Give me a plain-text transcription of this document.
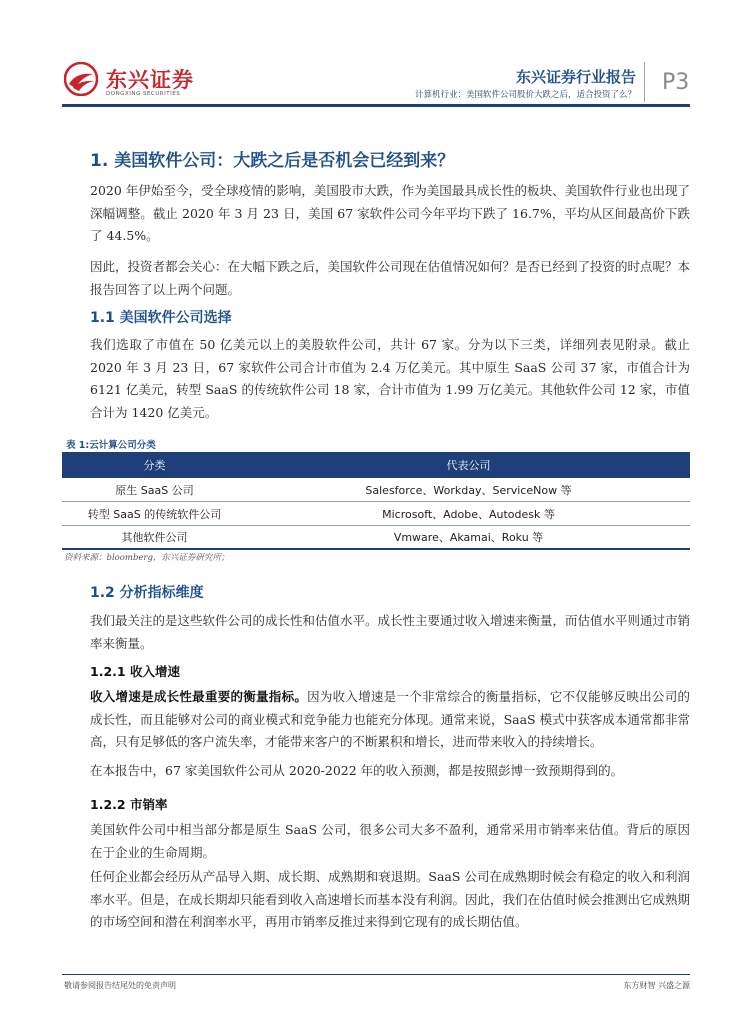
东兴证券
DONGXING SECURITIES
东兴证券行业报告
计算机行业：美国软件公司股价大跌之后，适合投资了么？ P3
1. 美国软件公司：大跌之后是否机会已经到来？

2020 年伊始至今，受全球疫情的影响，美国股市大跌，作为美国最具成长性的板块、美国软件行业也出现了深幅调整。截止 2020 年 3 月 23 日，美国 67 家软件公司今年平均下跌了 16.7%，平均从区间最高价下跌了 44.5%。

因此，投资者都会关心：在大幅下跌之后，美国软件公司现在估值情况如何？是否已经到了投资的时点呢？本报告回答了以上两个问题。

1.1 美国软件公司选择

我们选取了市值在 50 亿美元以上的美股软件公司，共计 67 家。分为以下三类，详细列表见附录。截止 2020 年 3 月 23 日，67 家软件公司合计市值为 2.4 万亿美元。其中原生 SaaS 公司 37 家，市值合计为 6121 亿美元，转型 SaaS 的传统软件公司 18 家，合计市值为 1.99 万亿美元。其他软件公司 12 家，市值合计为 1420 亿美元。

表 1:云计算公司分类
分类	代表公司
原生 SaaS 公司	Salesforce、Workday、ServiceNow 等
转型 SaaS 的传统软件公司	Microsoft、Adobe、Autodesk 等
其他软件公司	Vmware、Akamai、Roku 等
资料来源：bloomberg，东兴证券研究所；
1.2 分析指标维度

我们最关注的是这些软件公司的成长性和估值水平。成长性主要通过收入增速来衡量，而估值水平则通过市销率来衡量。

1.2.1 收入增速

收入增速是成长性最重要的衡量指标。因为收入增速是一个非常综合的衡量指标，它不仅能够反映出公司的成长性，而且能够对公司的商业模式和竞争能力也能充分体现。通常来说，SaaS 模式中获客成本通常都非常高，只有足够低的客户流失率，才能带来客户的不断累积和增长，进而带来收入的持续增长。

在本报告中，67 家美国软件公司从 2020-2022 年的收入预测，都是按照彭博一致预期得到的。

1.2.2 市销率

美国软件公司中相当部分都是原生 SaaS 公司，很多公司大多不盈利，通常采用市销率来估值。背后的原因在于企业的生命周期。

任何企业都会经历从产品导入期、成长期、成熟期和衰退期。SaaS 公司在成熟期时候会有稳定的收入和利润率水平。但是，在成长期却只能看到收入高速增长而基本没有利润。因此，我们在估值时候会推测出它成熟期的市场空间和潜在利润率水平，再用市销率反推过来得到它现有的成长期估值。

敬请参阅报告结尾处的免责声明	东方财智 兴盛之源
